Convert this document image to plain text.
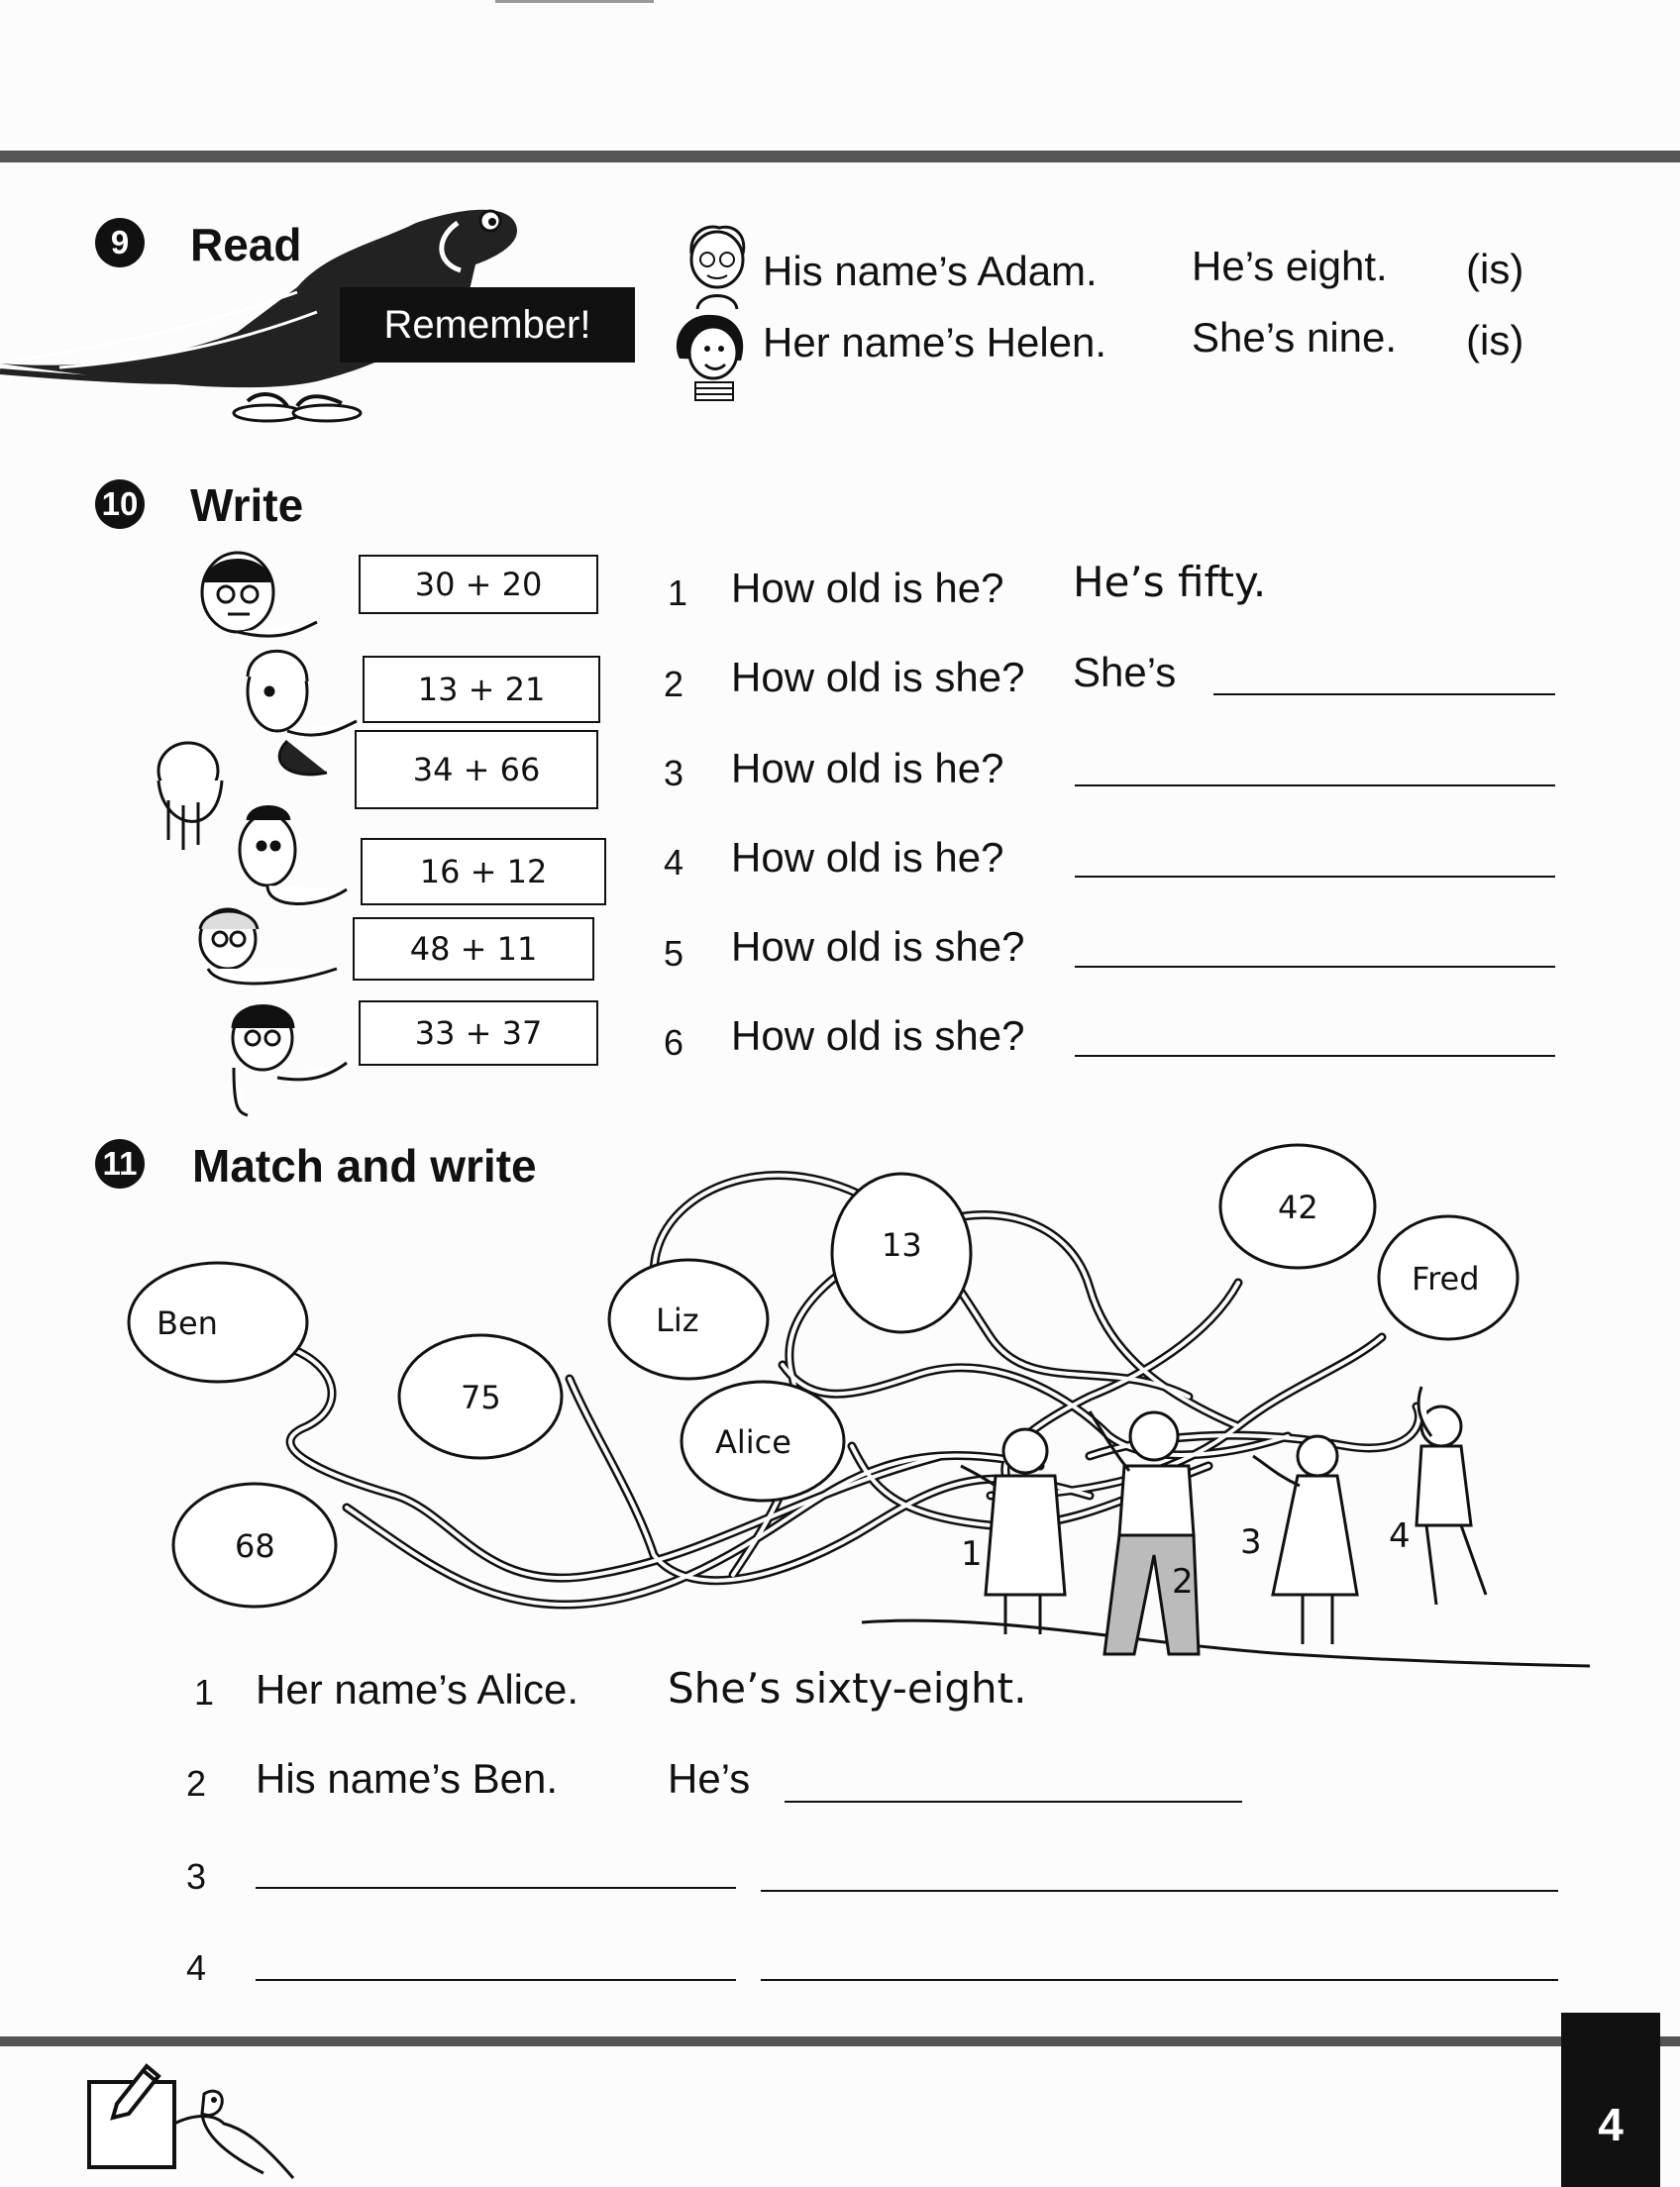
9 Read
Remember!
His name’s Adam. He’s eight. (is)
Her name’s Helen. She’s nine. (is)
10 Write
30 + 20
13 + 21
34 + 66
16 + 12
48 + 11
33 + 37
1 How old is he? He’s fifty.
2 How old is she? She’s
3 How old is he?
4 How old is he?
5 How old is she?
6 How old is she?
11 Match and write
Ben
75
68
Liz
Alice
13
42
Fred
1
2
3	4
1 Her name’s Alice. She’s sixty-eight.
2 His name’s Ben.	He’s
3
4
4
